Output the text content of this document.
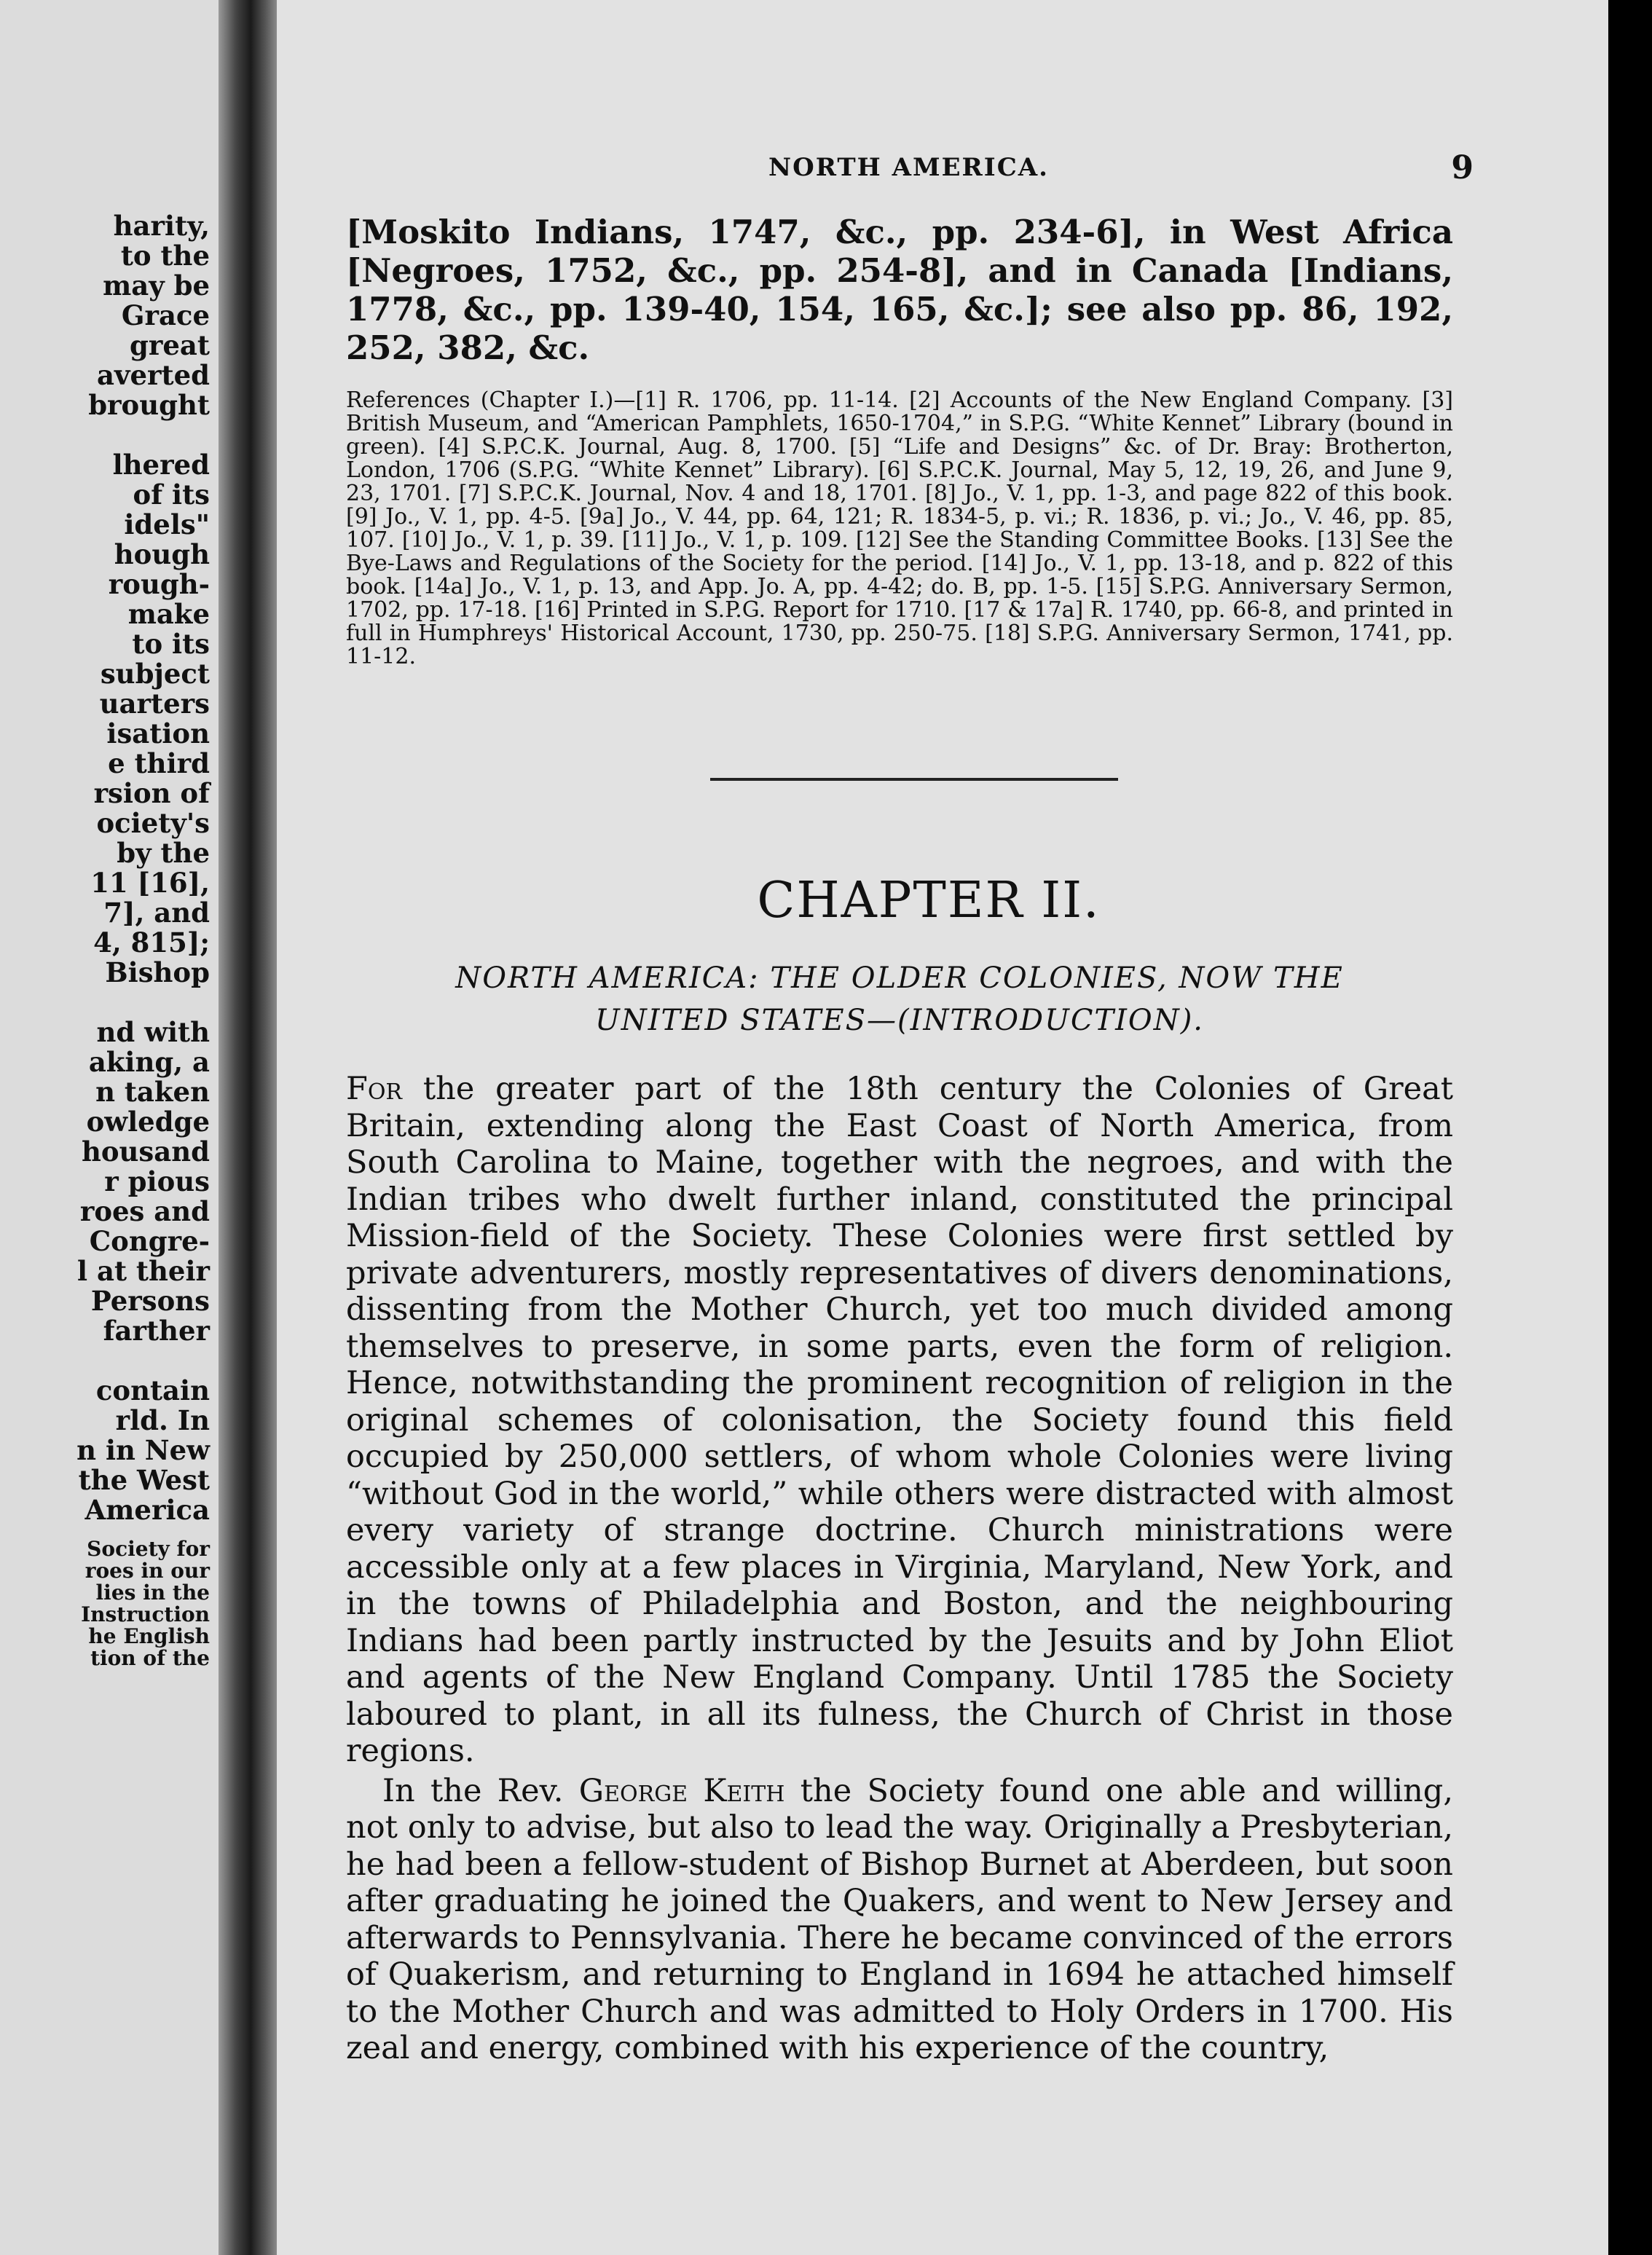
harity,
to the
may be
Grace
great
averted
brought
lhered
of its
idels"
hough
rough-
make
to its
subject
uarters
isation
e third
rsion of
ociety's
by the
11 [16],
7], and
4, 815];
Bishop
nd with
aking, a
n taken
owledge
housand
r pious
roes and
Congre-
l at their
Persons
farther
contain
rld. In
n in New
the West
America
Society for
roes in our
lies in the
Instruction
he English
tion of the
NORTH AMERICA.	9
[Moskito Indians, 1747, &c., pp. 234-6], in West Africa [Negroes, 1752, &c., pp. 254-8], and in Canada [Indians, 1778, &c., pp. 139-40, 154, 165, &c.]; see also pp. 86, 192, 252, 382, &c.
References (Chapter I.)—[1] R. 1706, pp. 11-14. [2] Accounts of the New England Company. [3] British Museum, and “American Pamphlets, 1650-1704,” in S.P.G. “White Kennet” Library (bound in green). [4] S.P.C.K. Journal, Aug. 8, 1700. [5] “Life and Designs” &c. of Dr. Bray: Brotherton, London, 1706 (S.P.G. “White Kennet” Library). [6] S.P.C.K. Journal, May 5, 12, 19, 26, and June 9, 23, 1701. [7] S.P.C.K. Journal, Nov. 4 and 18, 1701. [8] Jo., V. 1, pp. 1-3, and page 822 of this book. [9] Jo., V. 1, pp. 4-5. [9a] Jo., V. 44, pp. 64, 121; R. 1834-5, p. vi.; R. 1836, p. vi.; Jo., V. 46, pp. 85, 107. [10] Jo., V. 1, p. 39. [11] Jo., V. 1, p. 109. [12] See the Standing Committee Books. [13] See the Bye-Laws and Regulations of the Society for the period. [14] Jo., V. 1, pp. 13-18, and p. 822 of this book. [14a] Jo., V. 1, p. 13, and App. Jo. A, pp. 4-42; do. B, pp. 1-5. [15] S.P.G. Anniversary Sermon, 1702, pp. 17-18. [16] Printed in S.P.G. Report for 1710. [17 & 17a] R. 1740, pp. 66-8, and printed in full in Humphreys' Historical Account, 1730, pp. 250-75. [18] S.P.G. Anniversary Sermon, 1741, pp. 11-12.
CHAPTER II.
NORTH AMERICA: THE OLDER COLONIES, NOW THE
UNITED STATES—(INTRODUCTION).

For the greater part of the 18th century the Colonies of Great Britain, extending along the East Coast of North America, from South Carolina to Maine, together with the negroes, and with the Indian tribes who dwelt further inland, constituted the principal Mission-field of the Society. These Colonies were first settled by private adventurers, mostly representatives of divers denominations, dissenting from the Mother Church, yet too much divided among themselves to preserve, in some parts, even the form of religion. Hence, notwithstanding the prominent recognition of religion in the original schemes of colonisation, the Society found this field occupied by 250,000 settlers, of whom whole Colonies were living “without God in the world,” while others were distracted with almost every variety of strange doctrine. Church ministrations were accessible only at a few places in Virginia, Maryland, New York, and in the towns of Philadelphia and Boston, and the neighbouring Indians had been partly instructed by the Jesuits and by John Eliot and agents of the New England Company. Until 1785 the Society laboured to plant, in all its fulness, the Church of Christ in those regions.

In the Rev. George Keith the Society found one able and willing, not only to advise, but also to lead the way. Originally a Presbyterian, he had been a fellow-student of Bishop Burnet at Aberdeen, but soon after graduating he joined the Quakers, and went to New Jersey and afterwards to Pennsylvania. There he became convinced of the errors of Quakerism, and returning to England in 1694 he attached himself to the Mother Church and was admitted to Holy Orders in 1700. His zeal and energy, combined with his experience of the country,
